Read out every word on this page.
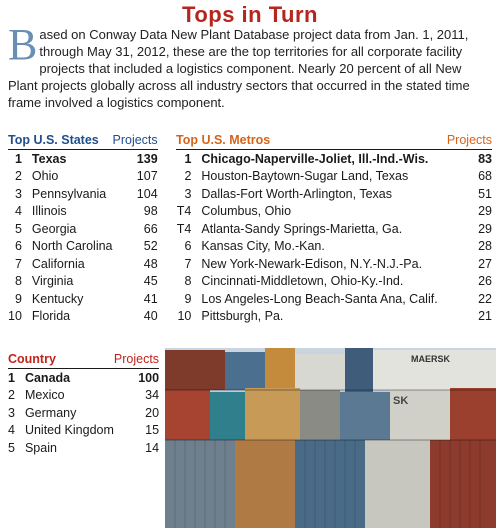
Tops in Turn
Based on Conway Data New Plant Database project data from Jan. 1, 2011, through May 31, 2012, these are the top territories for all corporate facility projects that included a logistics component. Nearly 20 percent of all New Plant projects globally across all industry sectors that occurred in the stated time frame involved a logistics component.
Top U.S. States		Projects
1	Texas	139
2	Ohio	107
3	Pennsylvania	104
4	Illinois	98
5	Georgia	66
6	North Carolina	52
7	California	48
8	Virginia	45
9	Kentucky	41
10	Florida	40
Top U.S. Metros		Projects
1	Chicago-Naperville-Joliet, Ill.-Ind.-Wis.	83
2	Houston-Baytown-Sugar Land, Texas	68
3	Dallas-Fort Worth-Arlington, Texas	51
T4	Columbus, Ohio	29
T4	Atlanta-Sandy Springs-Marietta, Ga.	29
6	Kansas City, Mo.-Kan.	28
7	New York-Newark-Edison, N.Y.-N.J.-Pa.	27
8	Cincinnati-Middletown, Ohio-Ky.-Ind.	26
9	Los Angeles-Long Beach-Santa Ana, Calif.	22
10	Pittsburgh, Pa.	21
Country		Projects
1	Canada	100
2	Mexico	34
3	Germany	20
4	United Kingdom	15
5	Spain	14
MAERSK
SK
